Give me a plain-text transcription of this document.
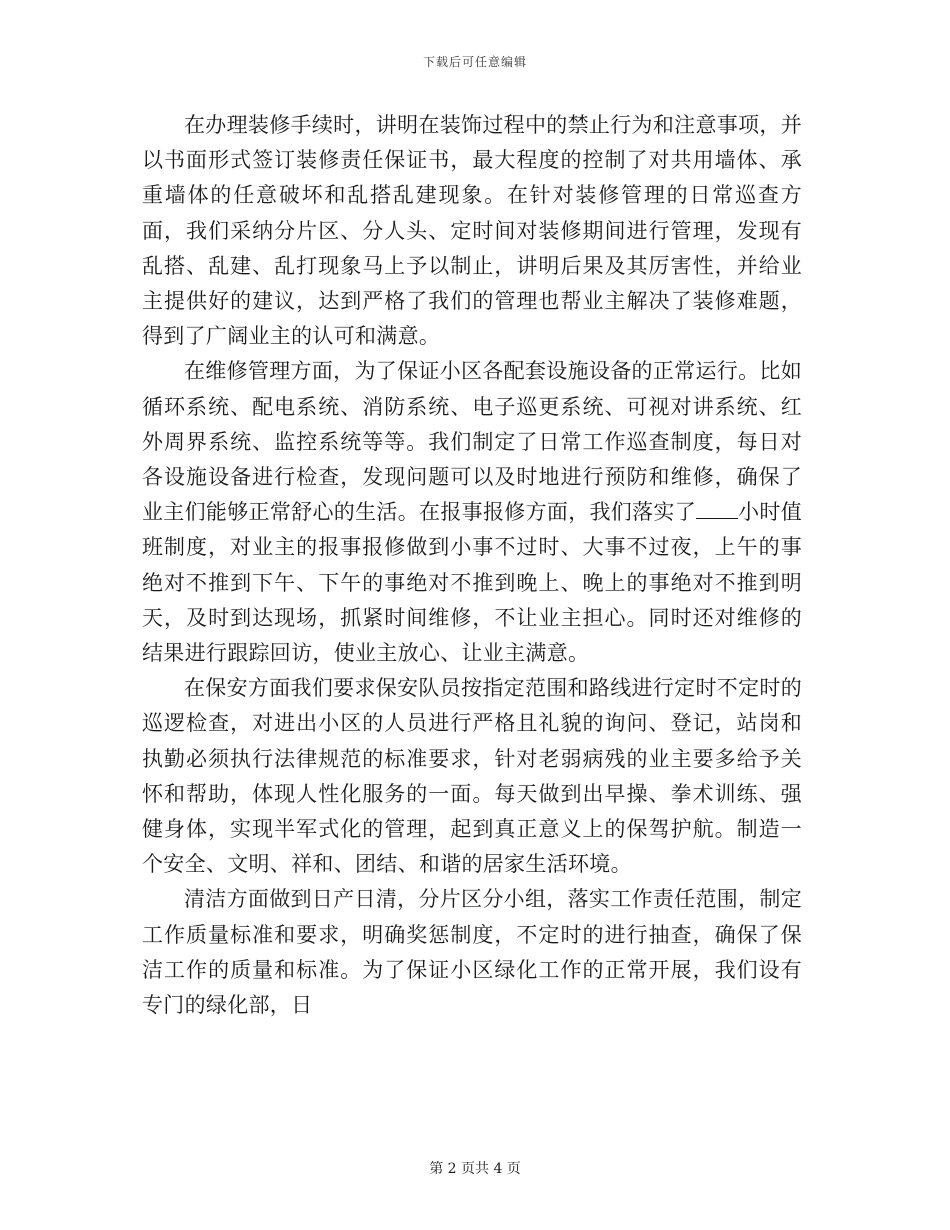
下载后可任意编辑

在办理装修手续时，讲明在装饰过程中的禁止行为和注意事项，并以书面形式签订装修责任保证书，最大程度的控制了对共用墙体、承重墙体的任意破坏和乱搭乱建现象。在针对装修管理的日常巡查方面，我们采纳分片区、分人头、定时间对装修期间进行管理，发现有乱搭、乱建、乱打现象马上予以制止，讲明后果及其厉害性，并给业主提供好的建议，达到严格了我们的管理也帮业主解决了装修难题，得到了广阔业主的认可和满意。

在维修管理方面，为了保证小区各配套设施设备的正常运行。比如循环系统、配电系统、消防系统、电子巡更系统、可视对讲系统、红外周界系统、监控系统等等。我们制定了日常工作巡查制度，每日对各设施设备进行检查，发现问题可以及时地进行预防和维修，确保了业主们能够正常舒心的生活。在报事报修方面，我们落实了 小时值班制度，对业主的报事报修做到小事不过时、大事不过夜，上午的事绝对不推到下午、下午的事绝对不推到晚上、晚上的事绝对不推到明天，及时到达现场，抓紧时间维修，不让业主担心。同时还对维修的结果进行跟踪回访，使业主放心、让业主满意。

在保安方面我们要求保安队员按指定范围和路线进行定时不定时的巡逻检查，对进出小区的人员进行严格且礼貌的询问、登记，站岗和执勤必须执行法律规范的标准要求，针对老弱病残的业主要多给予关怀和帮助，体现人性化服务的一面。每天做到出早操、拳术训练、强健身体，实现半军式化的管理，起到真正意义上的保驾护航。制造一个安全、文明、祥和、团结、和谐的居家生活环境。

清洁方面做到日产日清，分片区分小组，落实工作责任范围，制定工作质量标准和要求，明确奖惩制度，不定时的进行抽查，确保了保洁工作的质量和标准。为了保证小区绿化工作的正常开展，我们设有专门的绿化部，日

第 2 页共 4 页
